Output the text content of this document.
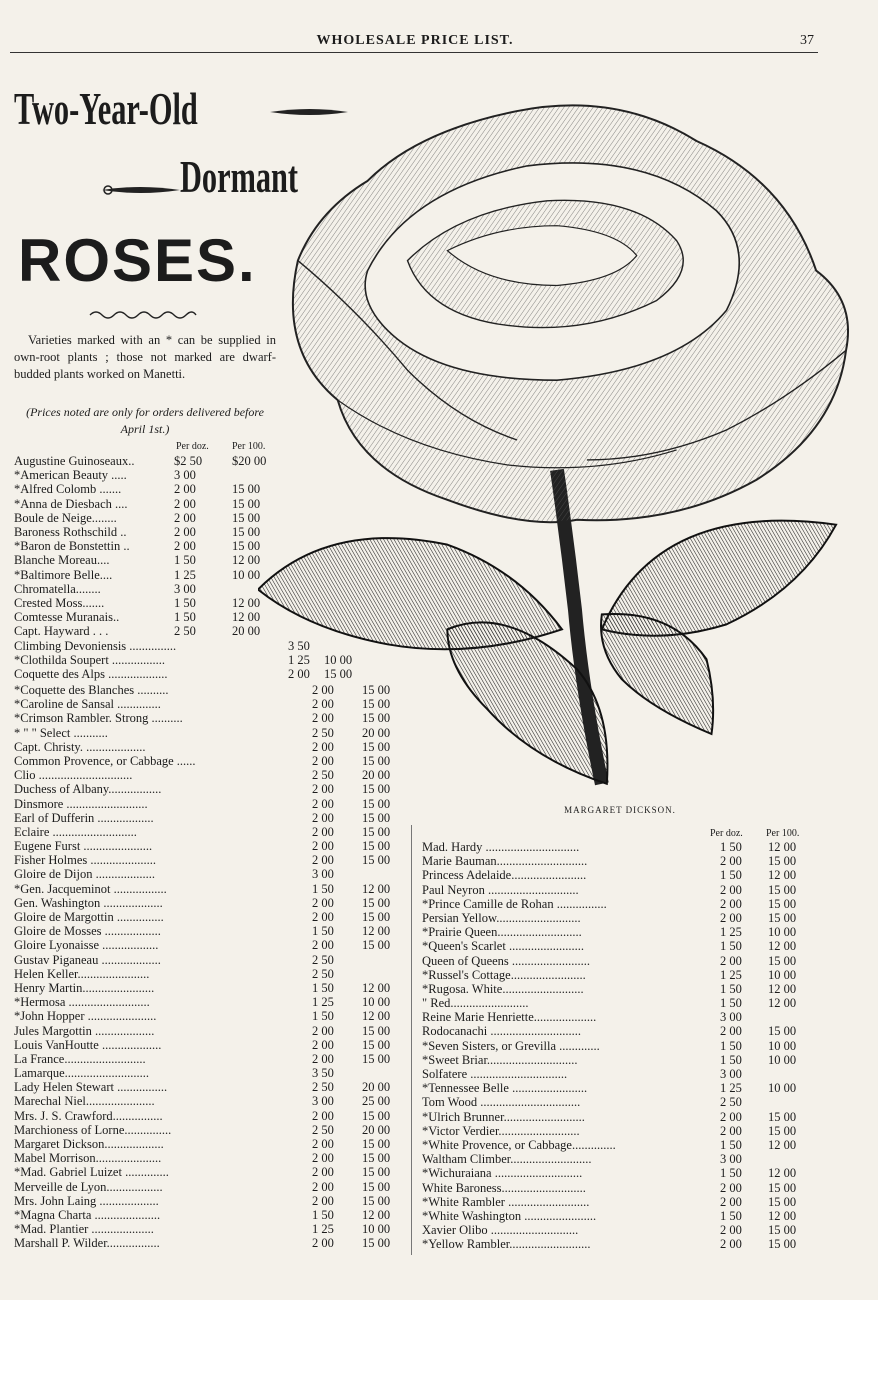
WHOLESALE PRICE LIST.	37
Two-Year-Old
Dormant
ROSES.
Varieties marked with an * can be supplied in own-root plants ; those not marked are dwarf-budded plants worked on Manetti.
(Prices noted are only for orders delivered before April 1st.)
Per doz. Per 100.
Augustine Guinoseaux..	$2 50 $20 00
*American Beauty .....	3 00
*Alfred Colomb .......	2 00	15 00
*Anna de Diesbach ....	2 00	15 00
Boule de Neige........	2 00	15 00
Baroness Rothschild ..	2 00	15 00
*Baron de Bonstettin ..	2 00	15 00
Blanche Moreau....	1 50	12 00
*Baltimore Belle....	1 25	10 00
Chromatella........	3 00
Crested Moss.......	1 50	12 00
Comtesse Muranais..	1 50	12 00
Capt. Hayward . . .	2 50	20 00
Climbing Devoniensis ...............	3 50
*Clothilda Soupert .................	1 25 10 00
Coquette des Alps ...................	2 00 15 00
*Coquette des Blanches ..........	2 00 15 00
*Caroline de Sansal ..............	2 00 15 00
*Crimson Rambler. Strong ..........	2 00 15 00
* " " Select ...........	2 50 20 00
Capt. Christy. ...................	2 00 15 00
Common Provence, or Cabbage ......	2 00 15 00
Clio ..............................	2 50 20 00
Duchess of Albany.................	2 00 15 00
Dinsmore ..........................	2 00 15 00
Earl of Dufferin ..................	2 00 15 00
Eclaire ...........................	2 00 15 00
Eugene Furst ......................	2 00 15 00
Fisher Holmes .....................	2 00 15 00
Gloire de Dijon ...................	3 00
*Gen. Jacqueminot .................	1 50 12 00
Gen. Washington ...................	2 00 15 00
Gloire de Margottin ...............	2 00 15 00
Gloire de Mosses ..................	1 50 12 00
Gloire Lyonaisse ..................	2 00 15 00
Gustav Piganeau ...................	2 50
Helen Keller.......................	2 50
Henry Martin.......................	1 50 12 00
*Hermosa ..........................	1 25 10 00
*John Hopper ......................	1 50 12 00
Jules Margottin ...................	2 00 15 00
Louis VanHoutte ...................	2 00 15 00
La France..........................	2 00 15 00
Lamarque...........................	3 50
Lady Helen Stewart ................	2 50 20 00
Marechal Niel......................	3 00 25 00
Mrs. J. S. Crawford................	2 00 15 00
Marchioness of Lorne...............	2 50 20 00
Margaret Dickson...................	2 00 15 00
Mabel Morrison.....................	2 00 15 00
*Mad. Gabriel Luizet ..............	2 00 15 00
Merveille de Lyon..................	2 00 15 00
Mrs. John Laing ...................	2 00 15 00
*Magna Charta .....................	1 50 12 00
*Mad. Plantier ....................	1 25 10 00
Marshall P. Wilder.................	2 00 15 00
Per doz. Per 100.
Mad. Hardy ..............................	1 50 12 00
Marie Bauman.............................	2 00 15 00
Princess Adelaide........................	1 50 12 00
Paul Neyron .............................	2 00 15 00
*Prince Camille de Rohan ................	2 00 15 00
Persian Yellow...........................	2 00 15 00
*Prairie Queen...........................	1 25 10 00
*Queen's Scarlet ........................	1 50 12 00
Queen of Queens .........................	2 00 15 00
*Russel's Cottage........................	1 25 10 00
*Rugosa. White..........................	1 50 12 00
" Red.........................	1 50 12 00
Reine Marie Henriette....................	3 00
Rodocanachi .............................	2 00 15 00
*Seven Sisters, or Grevilla .............	1 50 10 00
*Sweet Briar.............................	1 50 10 00
Solfatere ...............................	3 00
*Tennessee Belle ........................	1 25 10 00
Tom Wood ................................	2 50
*Ulrich Brunner..........................	2 00 15 00
*Victor Verdier..........................	2 00 15 00
*White Provence, or Cabbage..............	1 50 12 00
Waltham Climber..........................	3 00
*Wichuraiana ............................	1 50 12 00
White Baroness...........................	2 00 15 00
*White Rambler ..........................	2 00 15 00
*White Washington .......................	1 50 12 00
Xavier Olibo ............................	2 00 15 00
*Yellow Rambler..........................	2 00 15 00
MARGARET DICKSON.
